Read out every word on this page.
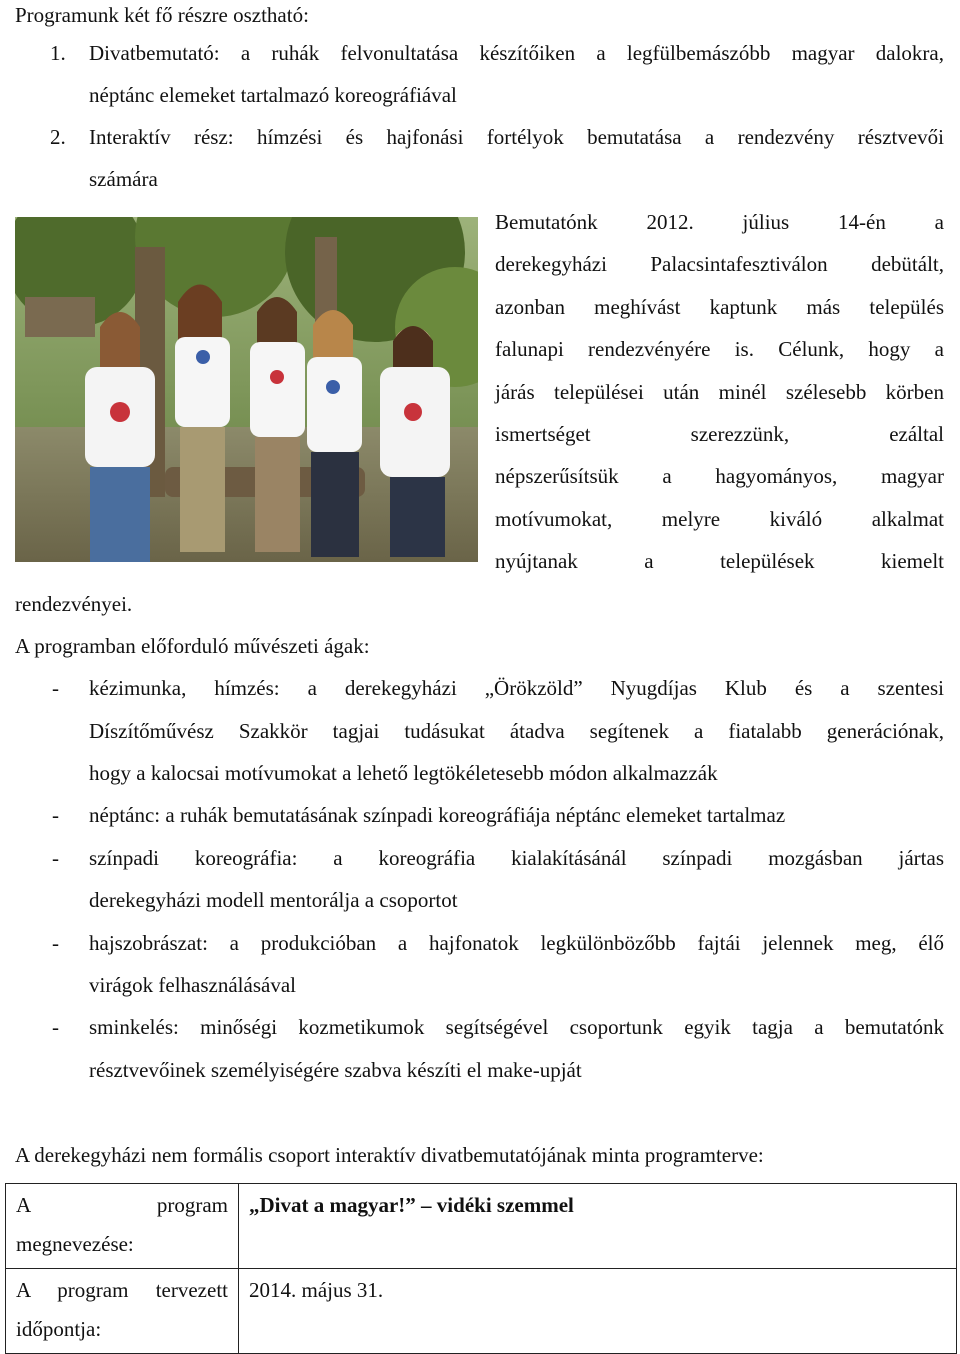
Programunk két fő részre osztható:
1. Divatbemutató: a ruhák felvonultatása készítőiken a legfülbemászóbb magyar dalokra,
néptánc elemeket tartalmazó koreográfiával
2. Interaktív rész: hímzési és hajfonási fortélyok bemutatása a rendezvény résztvevői
számára
Bemutatónk 2012. július 14-én a
derekegyházi Palacsintafesztiválon debütált,
azonban meghívást kaptunk más település
falunapi rendezvényére is. Célunk, hogy a
járás települései után minél szélesebb körben
ismertséget szerezzünk, ezáltal
népszerűsítsük a hagyományos, magyar
motívumokat, melyre kiváló alkalmat
nyújtanak a települések kiemelt
rendezvényei.
A programban előforduló művészeti ágak:
- kézimunka, hímzés: a derekegyházi „Örökzöld” Nyugdíjas Klub és a szentesi
Díszítőművész Szakkör tagjai tudásukat átadva segítenek a fiatalabb generációnak,
hogy a kalocsai motívumokat a lehető legtökéletesebb módon alkalmazzák
- néptánc: a ruhák bemutatásának színpadi koreográfiája néptánc elemeket tartalmaz
- színpadi koreográfia: a koreográfia kialakításánál színpadi mozgásban jártas
derekegyházi modell mentorálja a csoportot
- hajszobrászat: a produkcióban a hajfonatok legkülönbözőbb fajtái jelennek meg, élő
virágok felhasználásával
- sminkelés: minőségi kozmetikumok segítségével csoportunk egyik tagja a bemutatónk
résztvevőinek személyiségére szabva készíti el make-upját
A derekegyházi nem formális csoport interaktív divatbemutatójának minta programterve:
A program
megnevezése:	„Divat a magyar!” – vidéki szemmel

A program tervezett
időpontja:	2014. május 31.
